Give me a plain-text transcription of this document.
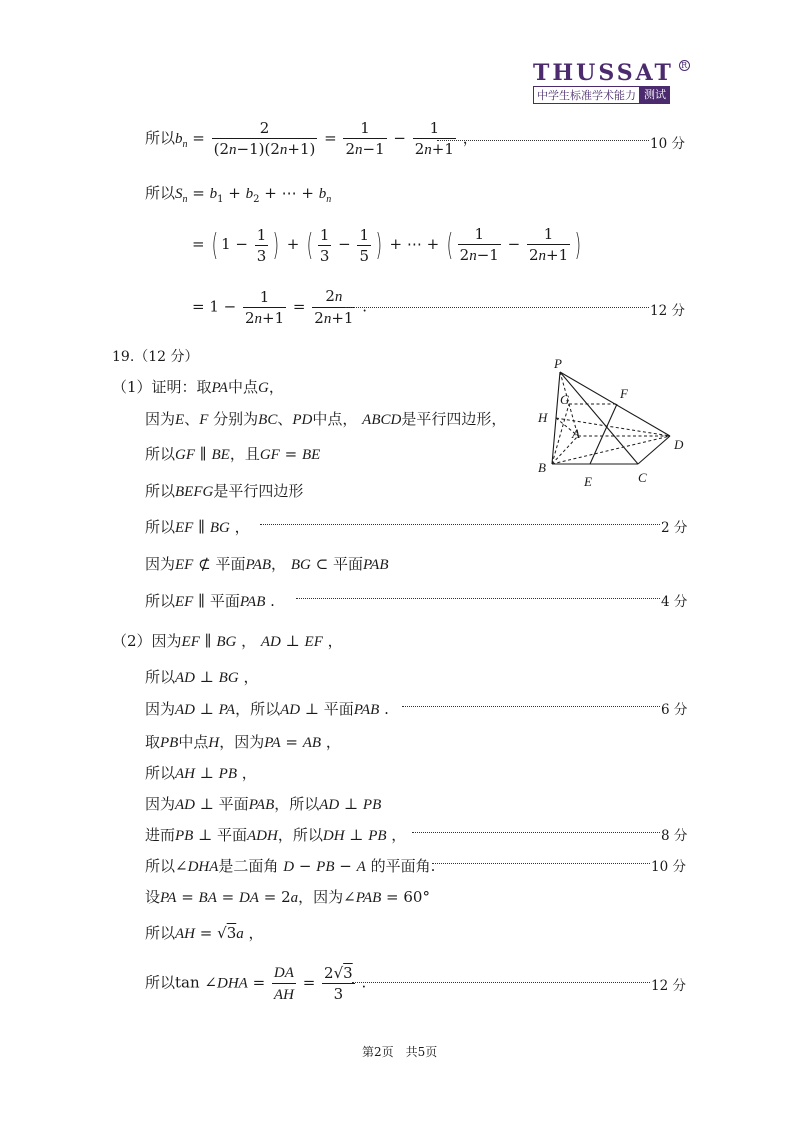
THUSSAT R
中学生标准学术能力 测试
所以$b_n = \frac{2}{(2n-1)(2n+1)} = \frac{1}{2n-1} - \frac{1}{2n+1}$ ，	10 分
所以$S_n = b_1 + b_2$ + ⋯ + $b_n$
= ( $1 - \frac{1}{3}$ ) + ( $\frac{1}{3} - \frac{1}{5}$ ) + ⋯ + ( $\frac{1}{2n-1} - \frac{1}{2n+1}$ )
= $1 - \frac{1}{2n+1} = \frac{2n}{2n+1}$ .	12 分
19.（12 分）
（1）证明：取PA中点G，
因为E、F 分别为BC、PD中点， ABCD是平行四边形，
所以GF ∥ BE，且GF = BE
所以BEFG是平行四边形
所以EF ∥ BG ，	2 分
因为EF ⊄ 平面PAB， BG ⊂ 平面PAB
所以EF ∥ 平面PAB .	4 分
（2）因为EF ∥ BG ， AD ⊥ EF ，
所以AD ⊥ BG ，
因为AD ⊥ PA，所以AD ⊥ 平面PAB .	6 分
取PB中点H，因为PA = AB ，
所以AH ⊥ PB ，
因为AD ⊥ 平面PAB，所以AD ⊥ PB
进而PB ⊥ 平面ADH，所以DH ⊥ PB ，	8 分
所以∠DHA是二面角 D − PB − A 的平面角.	10 分
设PA = BA = DA = 2a，因为∠PAB = 60°
所以AH = √3a ，
所以tan ∠DHA = $\frac{DA}{AH} = \frac{2√3}{3}$ .	12 分
P
F
G
H
A
D
B
E	C
第2页　共5页
